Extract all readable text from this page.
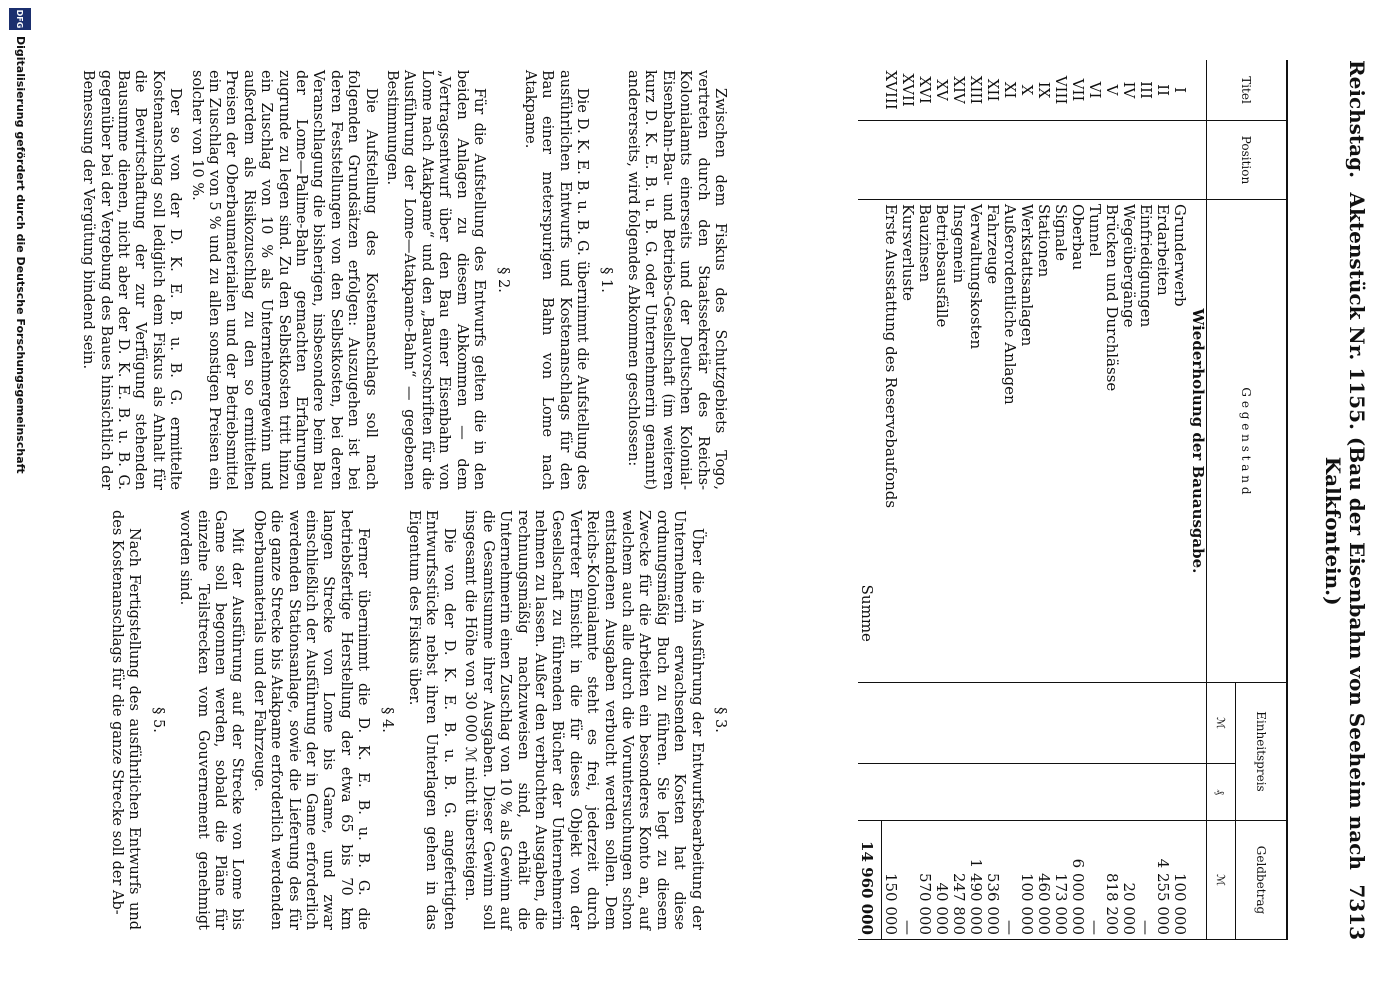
Reichstag.
Aktenstück Nr. 1155. (Bau der Eisenbahn von Seeheim nach Kalkfontein.)
7313
Titel	Position	G e g e n s t a n d	Einheitspreis		Geldbetrag
			ℳ	₰	ℳ
		Wiederholung der Bauausgabe.			
I		Grunderwerb			100 000
II		Erdarbeiten			4 255 000
III		Einfriedigungen			—
IV		Wegeübergänge			20 000
V		Brücken und Durchlässe			818 200
VI		Tunnel			—
VII		Oberbau			6 000 000
VIII		Signale			173 000
IX		Stationen			460 000
X		Werkstattsanlagen			100 000
XI		Außerordentliche Anlagen			—
XII		Fahrzeuge			536 000
XIII		Verwaltungskosten			1 490 000
XIV		Insgemein			247 800
XV		Betriebsausfälle			40 000
XVI		Bauzinsen			570 000
XVII		Kursverluste			—
XVIII		Erste Ausstattung des Reservebaufonds			150 000
		Summe			14 960 000

Zwischen dem Fiskus des Schutzgebiets Togo, vertreten durch den Staatssekretär des Reichs-Kolonialamts einerseits und der Deutschen Kolonial-Eisenbahn-Bau- und Betriebs-Gesellschaft (im weiteren kurz D. K. E. B. u. B. G. oder Unternehmerin genannt) andererseits, wird folgendes Abkommen geschlossen:

§ 1.

Die D. K. E. B. u. B. G. übernimmt die Aufstellung des ausführlichen Entwurfs und Kostenanschlags für den Bau einer meterspurigen Bahn von Lome nach Atakpame.

§ 2.

Für die Aufstellung des Entwurfs gelten die in den beiden Anlagen zu diesem Abkommen — dem „Vertragsentwurf über den Bau einer Eisenbahn von Lome nach Atakpame“ und den „Bauvorschriften für die Ausführung der Lome—Atakpame-Bahn“ — gegebenen Bestimmungen.

Die Aufstellung des Kostenanschlags soll nach folgenden Grundsätzen erfolgen: Auszugehen ist bei deren Feststellungen von den Selbstkosten, bei deren Veranschlagung die bisherigen, insbesondere beim Bau der Lome—Palime-Bahn gemachten Erfahrungen zugrunde zu legen sind. Zu den Selbstkosten tritt hinzu ein Zuschlag von 10 % als Unternehmergewinn und außerdem als Risikozuschlag zu den so ermittelten Preisen der Oberbaumaterialien und der Betriebsmittel ein Zuschlag von 5 % und zu allen sonstigen Preisen ein solcher von 10 %.

Der so von der D. K. E. B. u. B. G. ermittelte Kostenanschlag soll lediglich dem Fiskus als Anhalt für die Bewirtschaftung der zur Verfügung stehenden Bausumme dienen, nicht aber der D. K. E. B. u. B. G. gegenüber bei der Vergebung des Baues hinsichtlich der Bemessung der Vergütung bindend sein.

§ 3.

Über die in Ausführung der Entwurfsbearbeitung der Unternehmerin erwachsenden Kosten hat diese ordnungsmäßig Buch zu führen. Sie legt zu diesem Zwecke für die Arbeiten ein besonderes Konto an, auf welchem auch alle durch die Voruntersuchungen schon entstandenen Ausgaben verbucht werden sollen. Dem Reichs-Kolonialamte steht es frei, jederzeit durch Vertreter Einsicht in die für dieses Objekt von der Gesellschaft zu führenden Bücher der Unternehmerin nehmen zu lassen. Außer den verbuchten Ausgaben, die rechnungsmäßig nachzuweisen sind, erhält die Unternehmerin einen Zuschlag von 10 % als Gewinn auf die Gesamtsumme ihrer Ausgaben. Dieser Gewinn soll insgesamt die Höhe von 30 000 ℳ nicht übersteigen.

Die von der D. K. E. B. u. B. G. angefertigten Entwurfsstücke nebst ihren Unterlagen gehen in das Eigentum des Fiskus über.

§ 4.

Ferner übernimmt die D. K. E. B. u. B. G. die betriebsfertige Herstellung der etwa 65 bis 70 km langen Strecke von Lome bis Game, und zwar einschließlich der Ausführung der in Game erforderlich werdenden Stationsanlage, sowie die Lieferung des für die ganze Strecke bis Atakpame erforderlich werdenden Oberbaumaterials und der Fahrzeuge.

Mit der Ausführung auf der Strecke von Lome bis Game soll begonnen werden, sobald die Pläne für einzelne Teilstrecken vom Gouvernement genehmigt worden sind.

§ 5.

Nach Fertigstellung des ausführlichen Entwurfs und des Kostenanschlags für die ganze Strecke soll der Ab-

DFG
Digitalisierung gefördert durch die Deutsche Forschungsgemeinschaft
